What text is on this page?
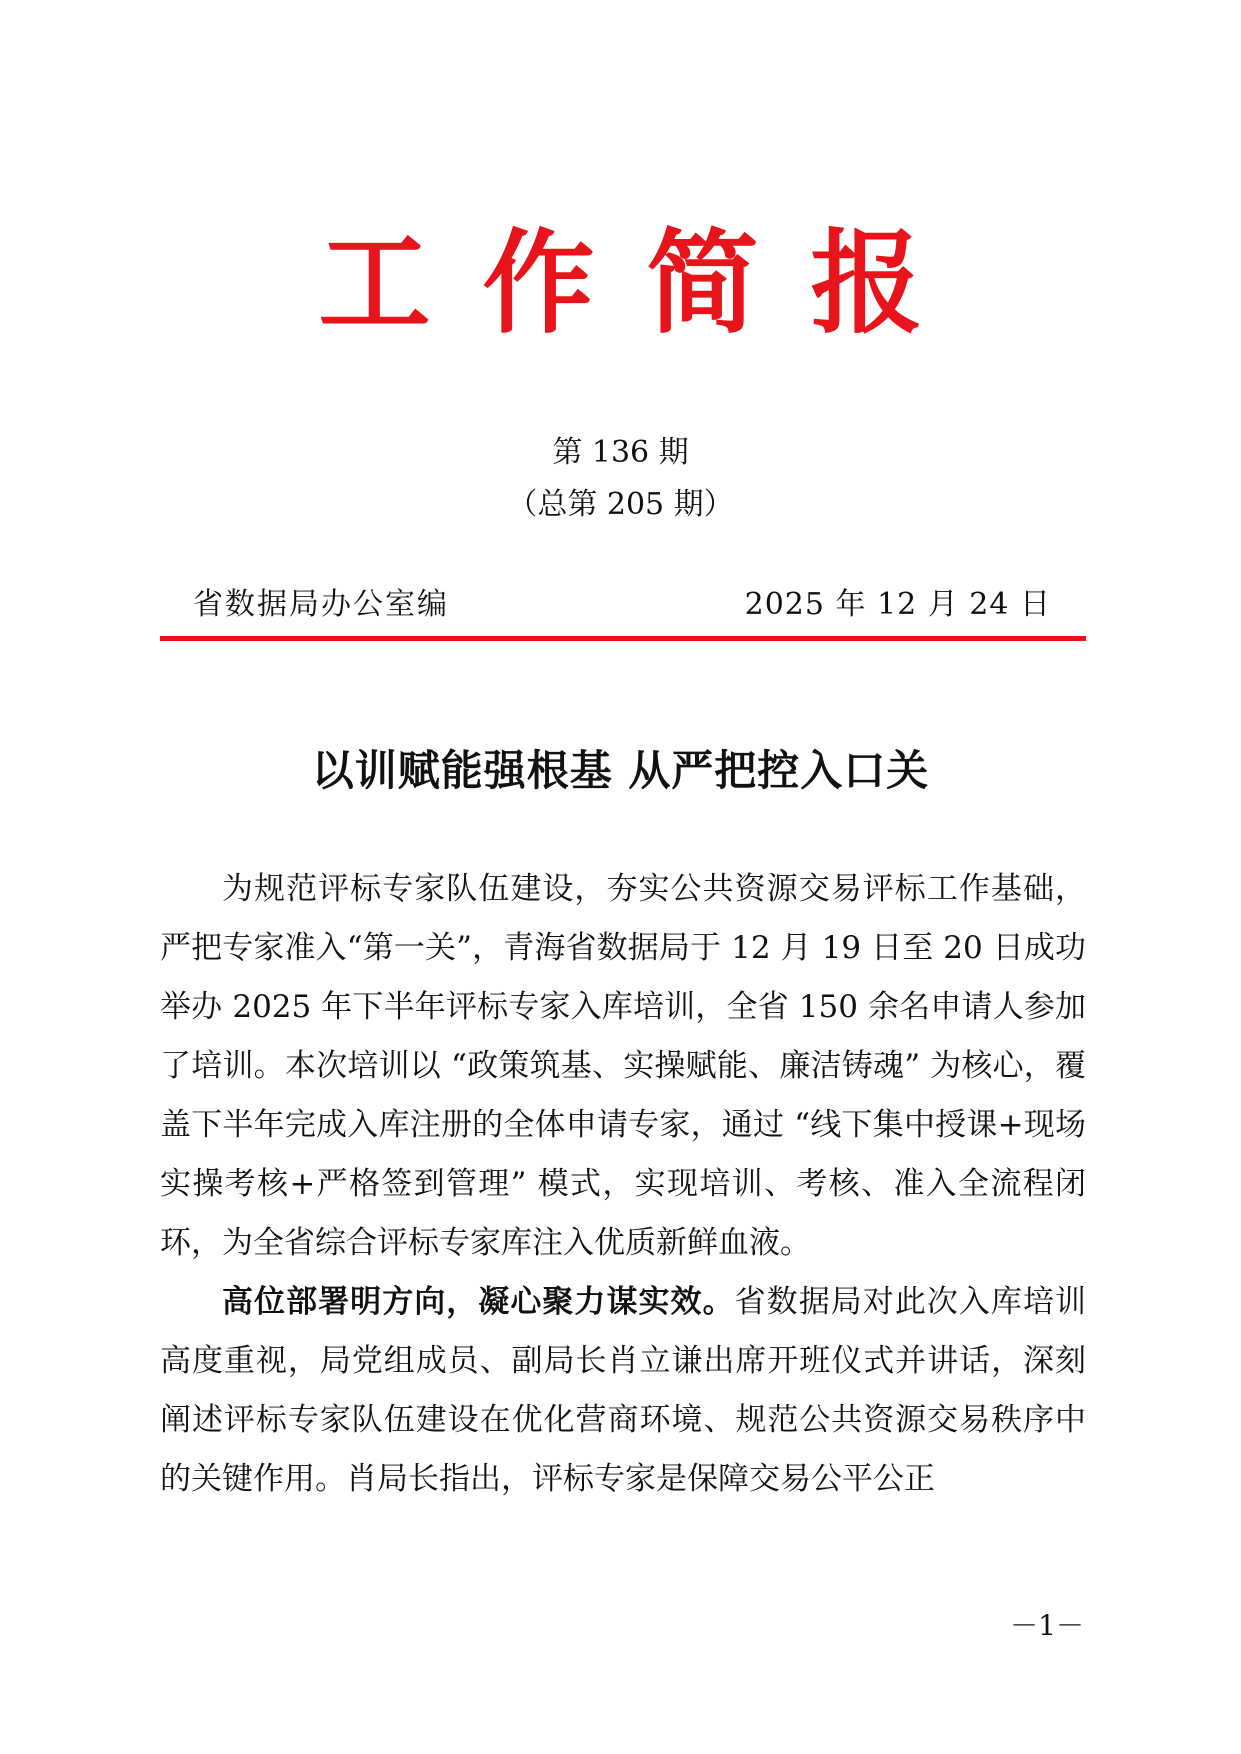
工作简报
第 136 期
（总第 205 期）
省数据局办公室编	2025 年 12 月 24 日
以训赋能强根基 从严把控入口关

为规范评标专家队伍建设，夯实公共资源交易评标工作基础，严把专家准入“第一关”，青海省数据局于 12 月 19 日至 20 日成功举办 2025 年下半年评标专家入库培训，全省 150 余名申请人参加了培训。本次培训以 “政策筑基、实操赋能、廉洁铸魂” 为核心，覆盖下半年完成入库注册的全体申请专家，通过 “线下集中授课+现场实操考核+严格签到管理” 模式，实现培训、考核、准入全流程闭环，为全省综合评标专家库注入优质新鲜血液。

高位部署明方向，凝心聚力谋实效。省数据局对此次入库培训高度重视，局党组成员、副局长肖立谦出席开班仪式并讲话，深刻阐述评标专家队伍建设在优化营商环境、规范公共资源交易秩序中的关键作用。肖局长指出，评标专家是保障交易公平公正

－1－
